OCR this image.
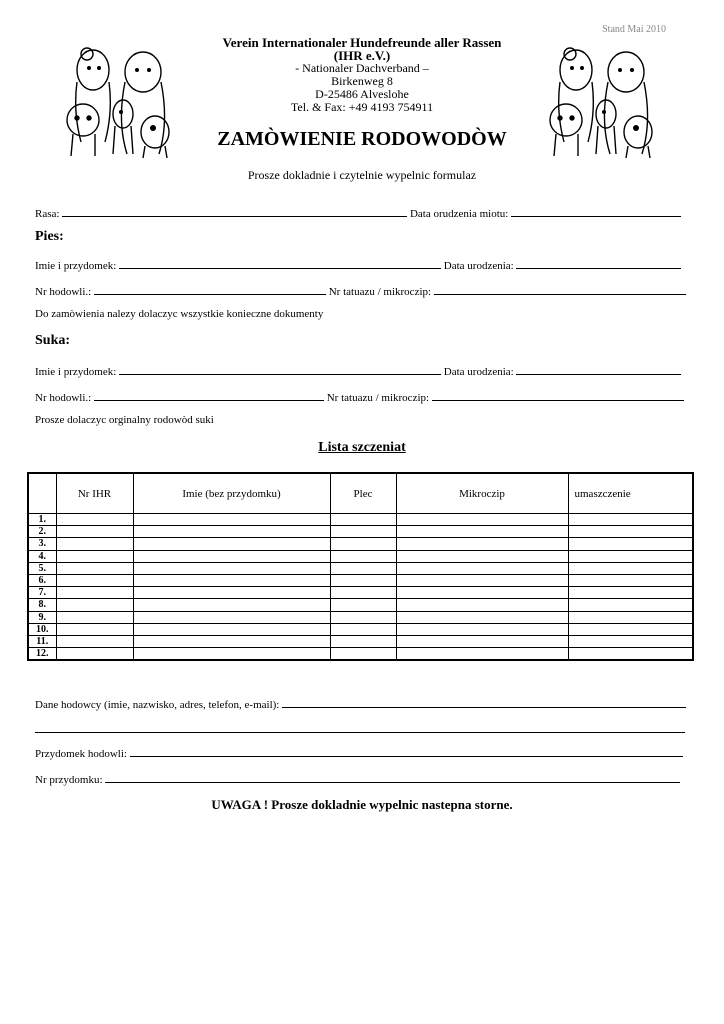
Stand Mai 2010
Verein Internationaler Hundefreunde aller Rassen
(IHR e.V.)
- Nationaler Dachverband –
Birkenweg 8
D-25486 Alveslohe
Tel. & Fax: +49 4193 754911
ZAMÒWIENIE RODOWODÒW
Prosze dokladnie i czytelnie wypelnic formulaz
Rasa:	Data orudzenia miotu:
Pies:
Imie i przydomek:	Data urodzenia:
Nr hodowli.:	Nr tatuazu / mikroczip:
Do zamòwienia nalezy dolaczyc wszystkie konieczne dokumenty
Suka:
Imie i przydomek:	Data urodzenia:
Nr hodowli.:	Nr tatuazu / mikroczip:
Prosze dolaczyc orginalny rodowòd suki
Lista szczeniat
	Nr IHR	Imie (bez przydomku)	Plec	Mikroczip	umaszczenie
1.					
2.					
3.					
4.					
5.					
6.					
7.					
8.					
9.					
10.					
11.					
12.					
Dane hodowcy (imie, nazwisko, adres, telefon, e-mail):
Przydomek hodowli:
Nr przydomku:
UWAGA ! Prosze dokladnie wypelnic nastepna storne.
